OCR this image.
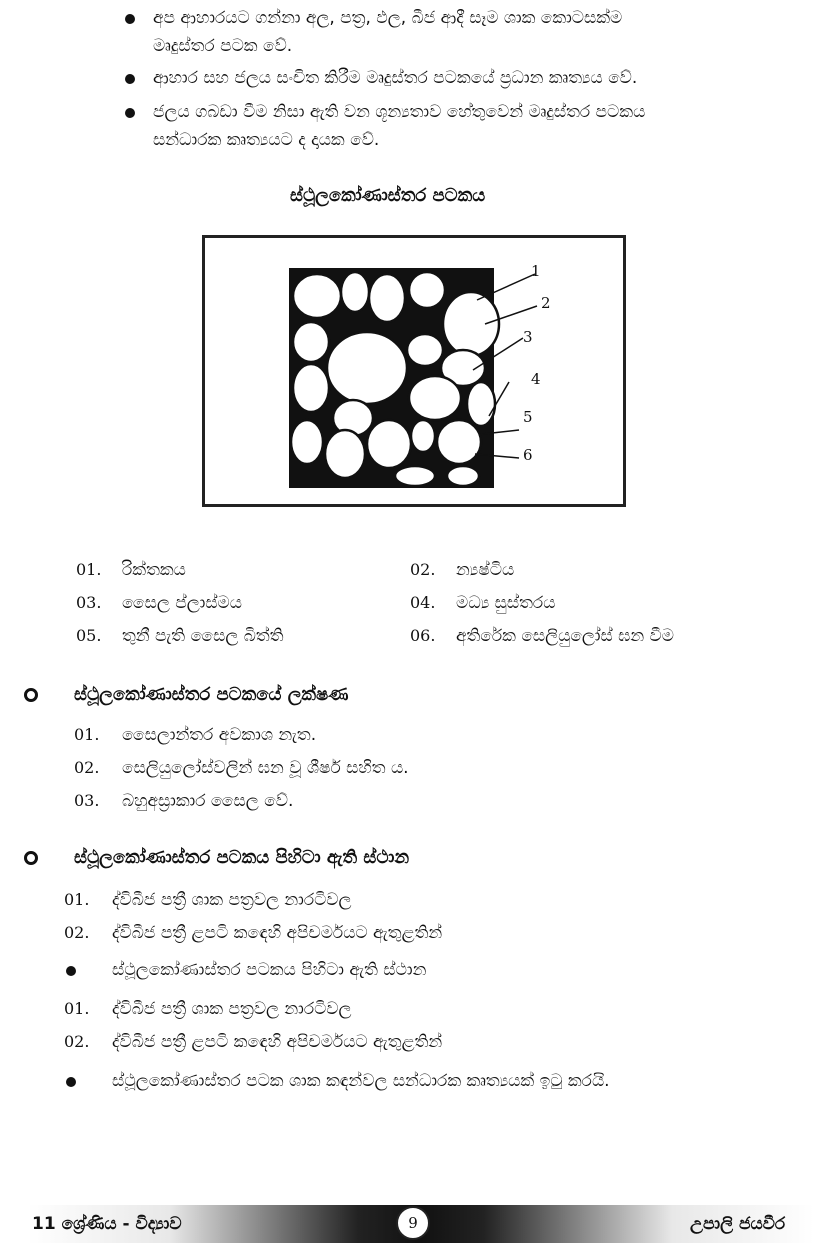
අප ආහාරයට ගන්නා අල, පත්‍ර, ඵල, බීජ ආදී සෑම ශාක කොටසක්ම
මෘදුස්තර පටක වේ.
ආහාර සහ ජලය සංචිත කිරීම මෘදුස්තර පටකයේ ප්‍රධාන කෘත්‍යය වේ.
ජලය ගබඩා වීම නිසා ඇති වන ශූන්‍යතාව හේතුවෙන් මෘදුස්තර පටකය
සන්ධාරක කෘත්‍යයට ද දායක වේ.
ස්ථූලකෝණාස්තර පටකය
1
2
3
4
5
6
01. රික්තකය	02. න්‍යෂ්ටිය
03. සෛල ප්ලාස්මය	04. මධ්‍ය සුස්තරය
05. තුනී පැති සෛල බිත්ති	06. අතිරේක සෙලියුලෝස් ඝන වීම
ස්ථූලකෝණාස්තර පටකයේ ලක්ෂණ
01. සෛලාන්තර අවකාශ නැත.
02. සෙලියුලෝස්වලින් ඝන වූ ශීර්ෂ සහිත ය.
03. බහුඅස්‍රාකාර සෛල වේ.
ස්ථූලකෝණාස්තර පටකය පිහිටා ඇති ස්ථාන
01. ද්විබීජ පත්‍රී ශාක පත්‍රවල නාරටිවල
02. ද්විබීජ පත්‍රී ළපටි කඳෙහි අපිචර්මයට ඇතුළතින්
ස්ථූලකෝණාස්තර පටකය පිහිටා ඇති ස්ථාන
01. ද්විබීජ පත්‍රී ශාක පත්‍රවල නාරටිවල
02. ද්විබීජ පත්‍රී ළපටි කඳෙහි අපිචර්මයට ඇතුළතින්
ස්ථූලකෝණාස්තර පටක ශාක කඳන්වල සන්ධාරක කෘත්‍යයක් ඉටු කරයි.
11 ශ්‍රේණිය - විද්‍යාව	9	උපාලි ජයවීර
